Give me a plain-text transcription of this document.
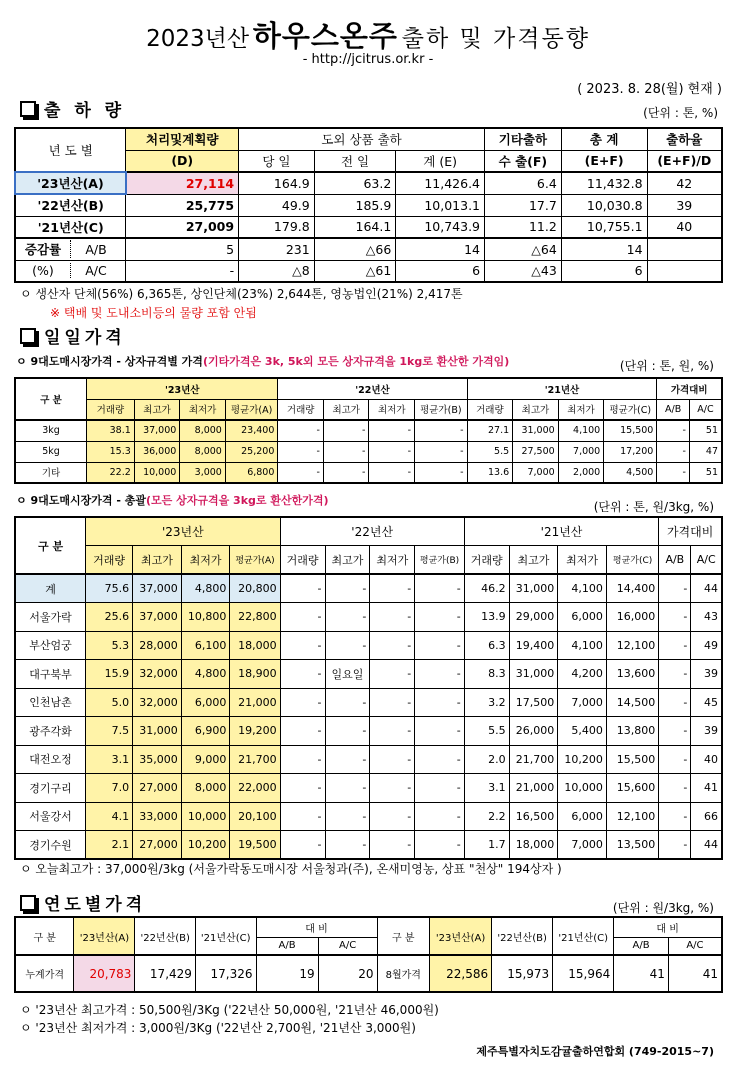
2023년산 하우스온주 출하 및 가격동향
- http://jcitrus.or.kr -
( 2023. 8. 28(월) 현재 )
출 하 량	(단위 : 톤, %)
년 도 별	처리및계획량	도외 상품 출하			기타출하	총 계	출하율
	(D)	당 일	전 일	계 (E)	수 출(F)	(E+F)	(E+F)/D
'23년산(A)	27,114	164.9	63.2	11,426.4	6.4	11,432.8	42
'22년산(B)	25,775	49.9	185.9	10,013.1	17.7	10,030.8	39
'21년산(C)	27,009	179.8	164.1	10,743.9	11.2	10,755.1	40
증감률 A/B	5	231	△66	14	△64	14	
(%) A/C	-	△8	△61	6	△43	6	
ㅇ 생산자 단체(56%) 6,365톤, 상인단체(23%) 2,644톤, 영농법인(21%) 2,417톤
※ 택배 및 도내소비등의 물량 포함 안됨
일일가격
ㅇ 9대도매시장가격 - 상자규격별 가격(기타가격은 3k, 5k외 모든 상자규격을 1kg로 환산한 가격임)	(단위 : 톤, 원, %)
구 분	'23년산				'22년산				'21년산				가격대비	
	거래량	최고가	최저가	평균가(A)	거래량	최고가	최저가	평균가(B)	거래량	최고가	최저가	평균가(C)	A/B	A/C
3kg	38.1	37,000	8,000	23,400	-	-	-	-	27.1	31,000	4,100	15,500	-	51
5kg	15.3	36,000	8,000	25,200	-	-	-	-	5.5	27,500	7,000	17,200	-	47
기타	22.2	10,000	3,000	6,800	-	-	-	-	13.6	7,000	2,000	4,500	-	51
ㅇ 9대도매시장가격 - 총괄(모든 상자규격을 3kg로 환산한가격)	(단위 : 톤, 원/3kg, %)
구 분	'23년산				'22년산				'21년산				가격대비	
	거래량	최고가	최저가	평균가(A)	거래량	최고가	최저가	평균가(B)	거래량	최고가	최저가	평균가(C)	A/B	A/C
계	75.6	37,000	4,800	20,800	-	-	-	-	46.2	31,000	4,100	14,400	-	44
서울가락	25.6	37,000	10,800	22,800	-	-	-	-	13.9	29,000	6,000	16,000	-	43
부산엄궁	5.3	28,000	6,100	18,000	-	-	-	-	6.3	19,400	4,100	12,100	-	49
대구북부	15.9	32,000	4,800	18,900	-	일요일	-	-	8.3	31,000	4,200	13,600	-	39
인천남촌	5.0	32,000	6,000	21,000	-	-	-	-	3.2	17,500	7,000	14,500	-	45
광주각화	7.5	31,000	6,900	19,200	-	-	-	-	5.5	26,000	5,400	13,800	-	39
대전오정	3.1	35,000	9,000	21,700	-	-	-	-	2.0	21,700	10,200	15,500	-	40
경기구리	7.0	27,000	8,000	22,000	-	-	-	-	3.1	21,000	10,000	15,600	-	41
서울강서	4.1	33,000	10,000	20,100	-	-	-	-	2.2	16,500	6,000	12,100	-	66
경기수원	2.1	27,000	10,200	19,500	-	-	-	-	1.7	18,000	7,000	13,500	-	44
ㅇ 오늘최고가 : 37,000원/3kg (서울가락동도매시장 서울청과(주), 온새미영농, 상표 "천상" 194상자 )
연도별가격	(단위 : 원/3kg, %)
구 분	'23년산(A)	'22년산(B)	'21년산(C)	대 비		구 분	'23년산(A)	'22년산(B)	'21년산(C)	대 비	
				A/B	A/C					A/B	A/C
누계가격	20,783	17,429	17,326	19	20	8월가격	22,586	15,973	15,964	41	41
ㅇ '23년산 최고가격 : 50,500원/3Kg ('22년산 50,000원, '21년산 46,000원)
ㅇ '23년산 최저가격 : 3,000원/3Kg ('22년산 2,700원, '21년산 3,000원)
제주특별자치도감귤출하연합회 (749-2015~7)
